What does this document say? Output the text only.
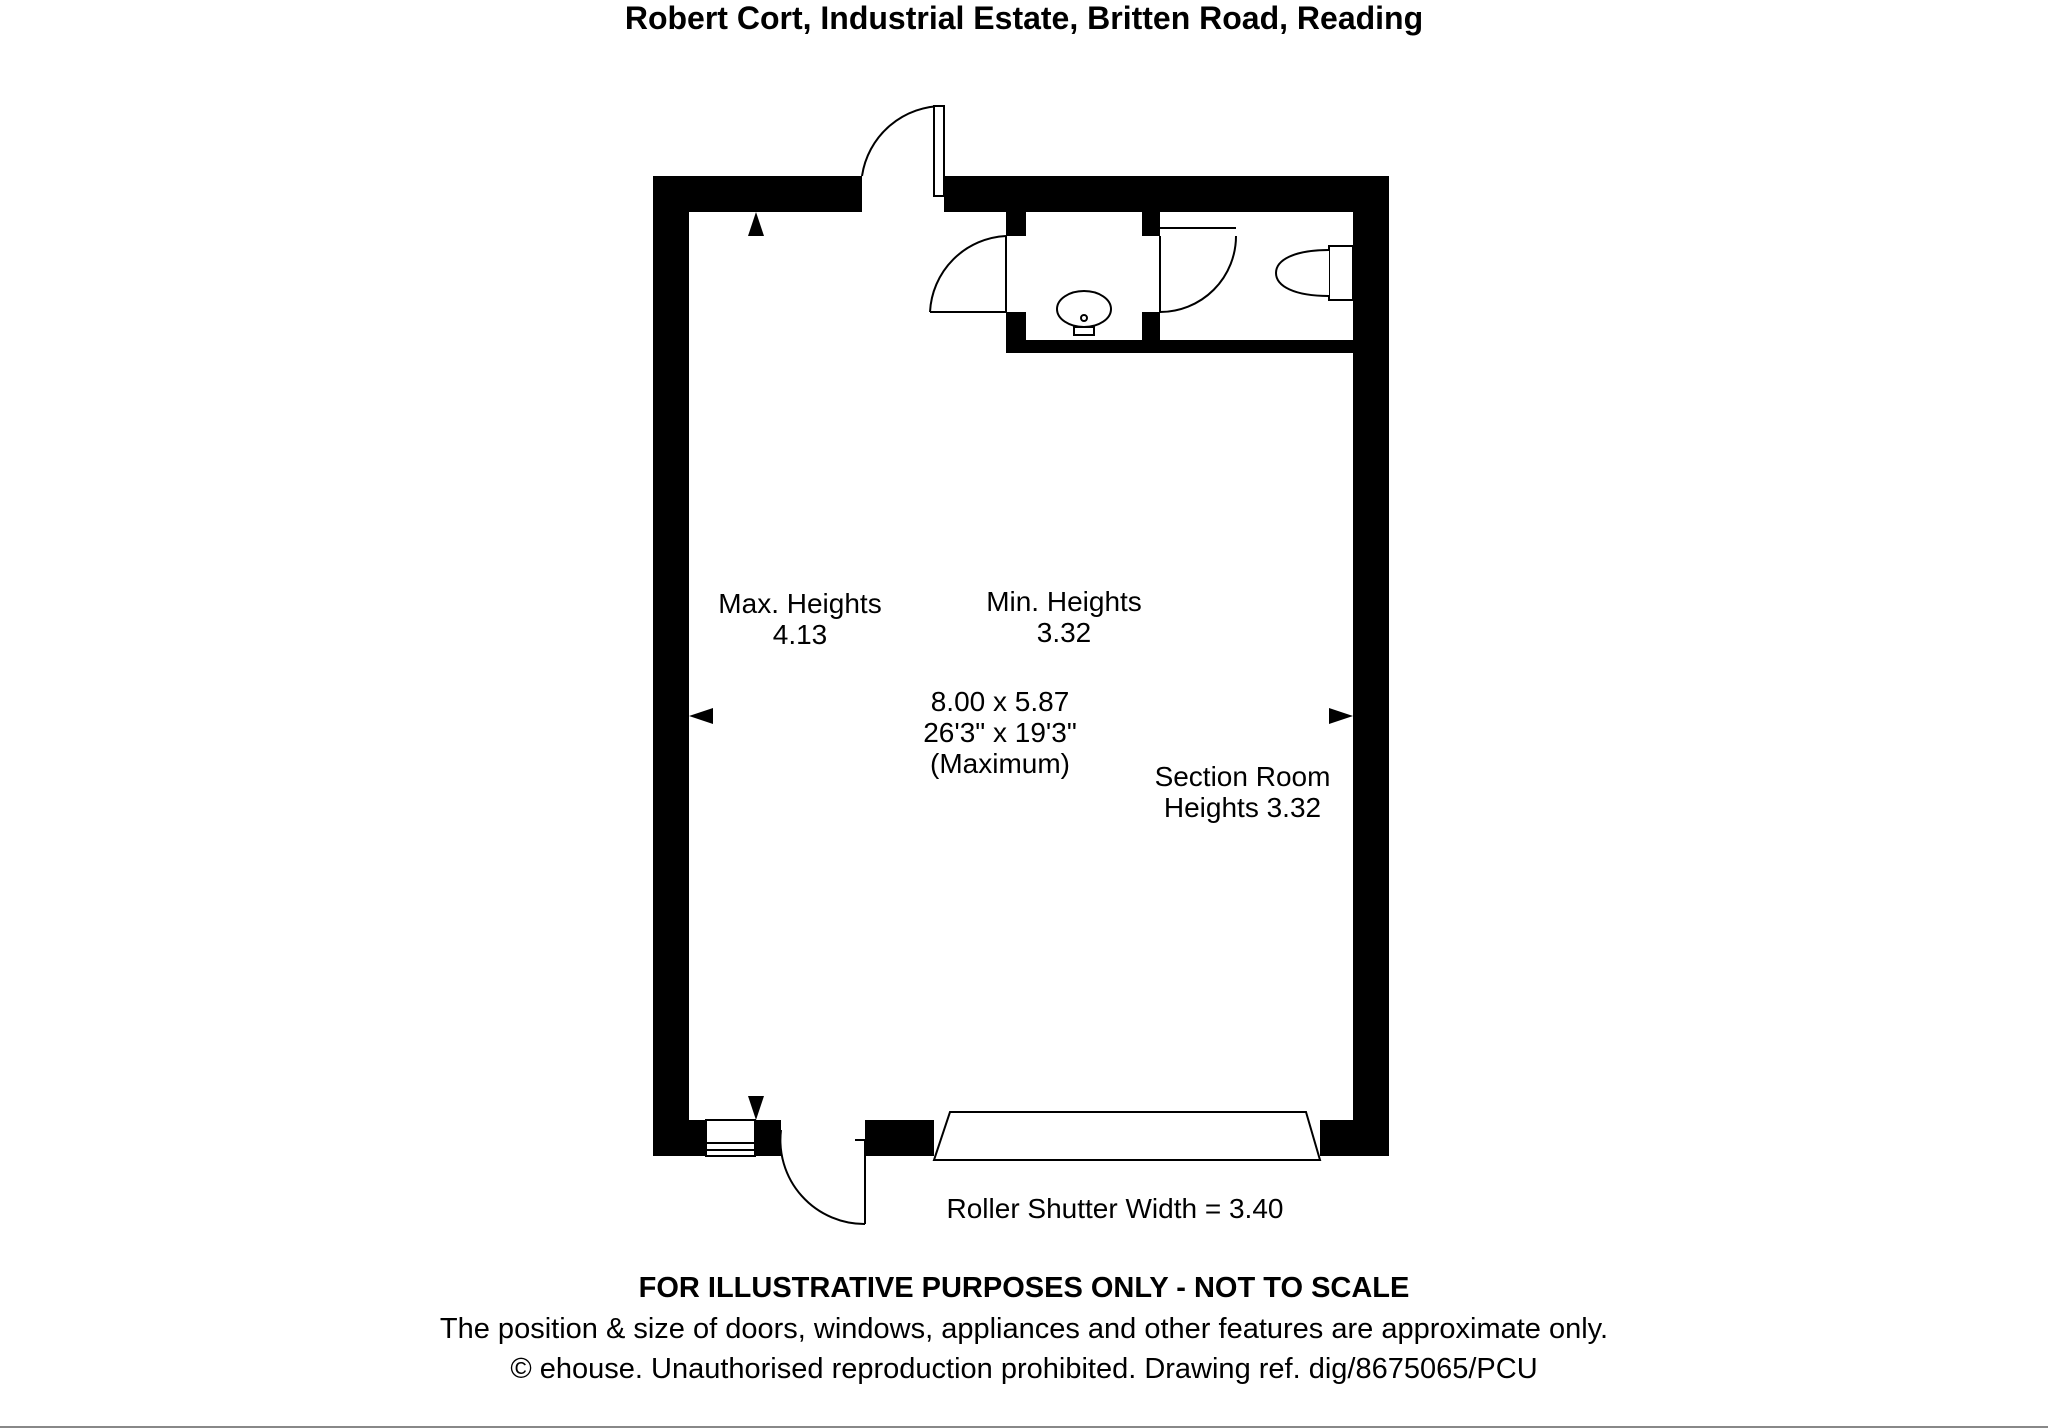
Robert Cort, Industrial Estate, Britten Road, Reading
Max. Heights
4.13
Min. Heights
3.32
8.00 x 5.87
26'3" x 19'3"
(Maximum)	Section Room
Heights 3.32
Roller Shutter Width = 3.40
FOR ILLUSTRATIVE PURPOSES ONLY - NOT TO SCALE
The position & size of doors, windows, appliances and other features are approximate only.
© ehouse. Unauthorised reproduction prohibited. Drawing ref. dig/8675065/PCU
